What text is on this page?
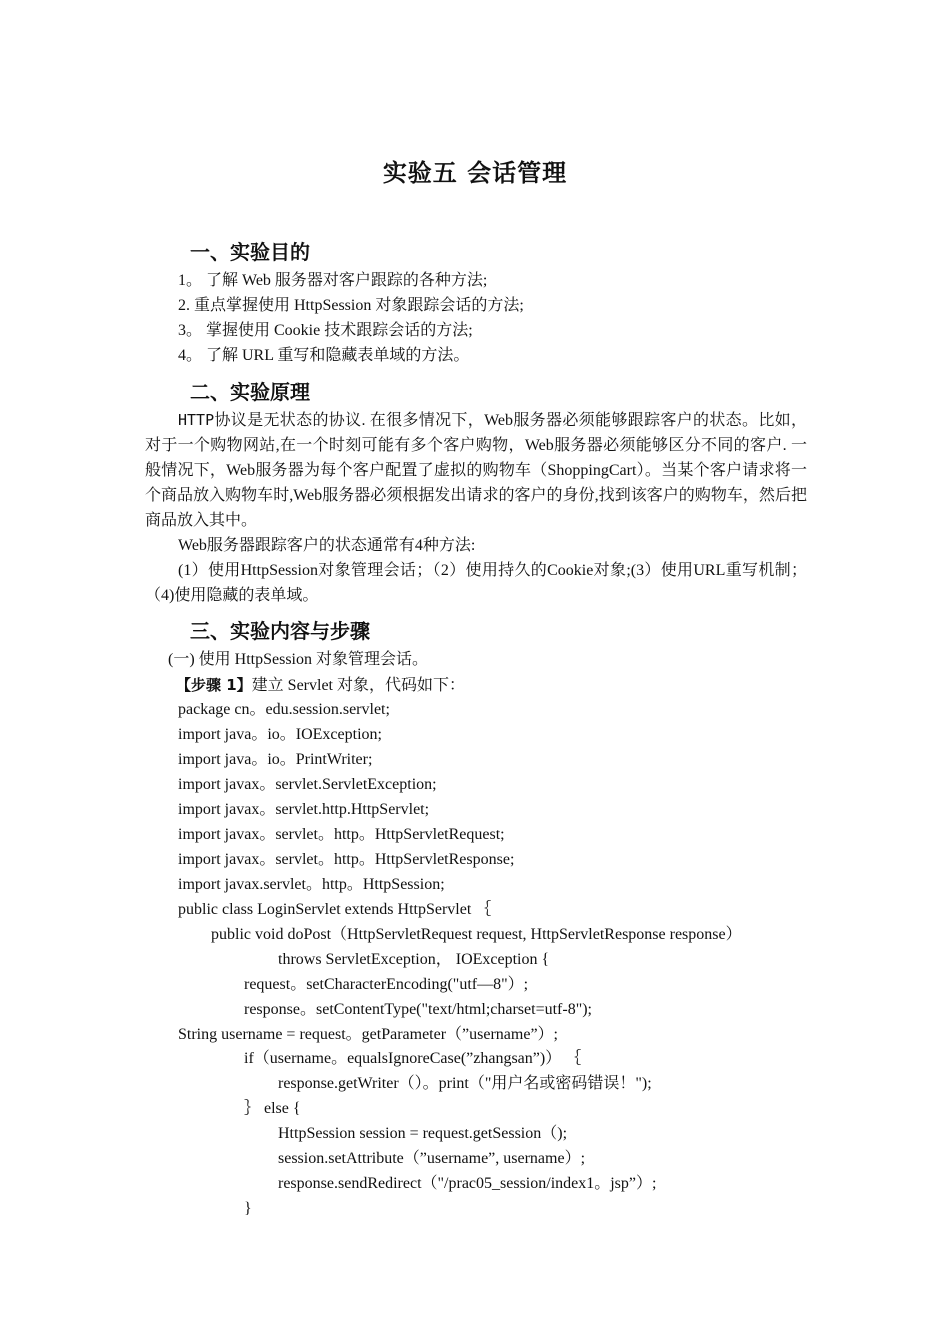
实验五 会话管理
一、实验目的
1。 了解 Web 服务器对客户跟踪的各种方法;
2. 重点掌握使用 HttpSession 对象跟踪会话的方法;
3。 掌握使用 Cookie 技术跟踪会话的方法;
4。 了解 URL 重写和隐藏表单域的方法。
二、实验原理
HTTP协议是无状态的协议. 在很多情况下，Web服务器必须能够跟踪客户的状态。比如，对于一个购物网站,在一个时刻可能有多个客户购物，Web服务器必须能够区分不同的客户. 一般情况下，Web服务器为每个客户配置了虚拟的购物车（ShoppingCart）。当某个客户请求将一个商品放入购物车时,Web服务器必须根据发出请求的客户的身份,找到该客户的购物车，然后把商品放入其中。
Web服务器跟踪客户的状态通常有4种方法:
(1）使用HttpSession对象管理会话；（2）使用持久的Cookie对象;(3）使用URL重写机制；（4)使用隐藏的表单域。
三、实验内容与步骤
(一) 使用 HttpSession 对象管理会话。
【步骤 1】建立 Servlet 对象，代码如下：
package cn。edu.session.servlet;
import java。io。IOException;
import java。io。PrintWriter;
import javax。servlet.ServletException;
import javax。servlet.http.HttpServlet;
import javax。servlet。http。HttpServletRequest;
import javax。servlet。http。HttpServletResponse;
import javax.servlet。http。HttpSession;
public class LoginServlet extends HttpServlet ｛
public void doPost（HttpServletRequest request, HttpServletResponse response）
throws ServletException， IOException {
request。setCharacterEncoding("utf—8"）;
response。setContentType("text/html;charset=utf-8");
String username = request。getParameter（”username”）;
if（username。equalsIgnoreCase(”zhangsan”)） ｛
response.getWriter（）。print（"用户名或密码错误！");
｝ else {
HttpSession session = request.getSession（);
session.setAttribute（”username”, username）;
response.sendRedirect（"/prac05_session/index1。jsp”）;
}
